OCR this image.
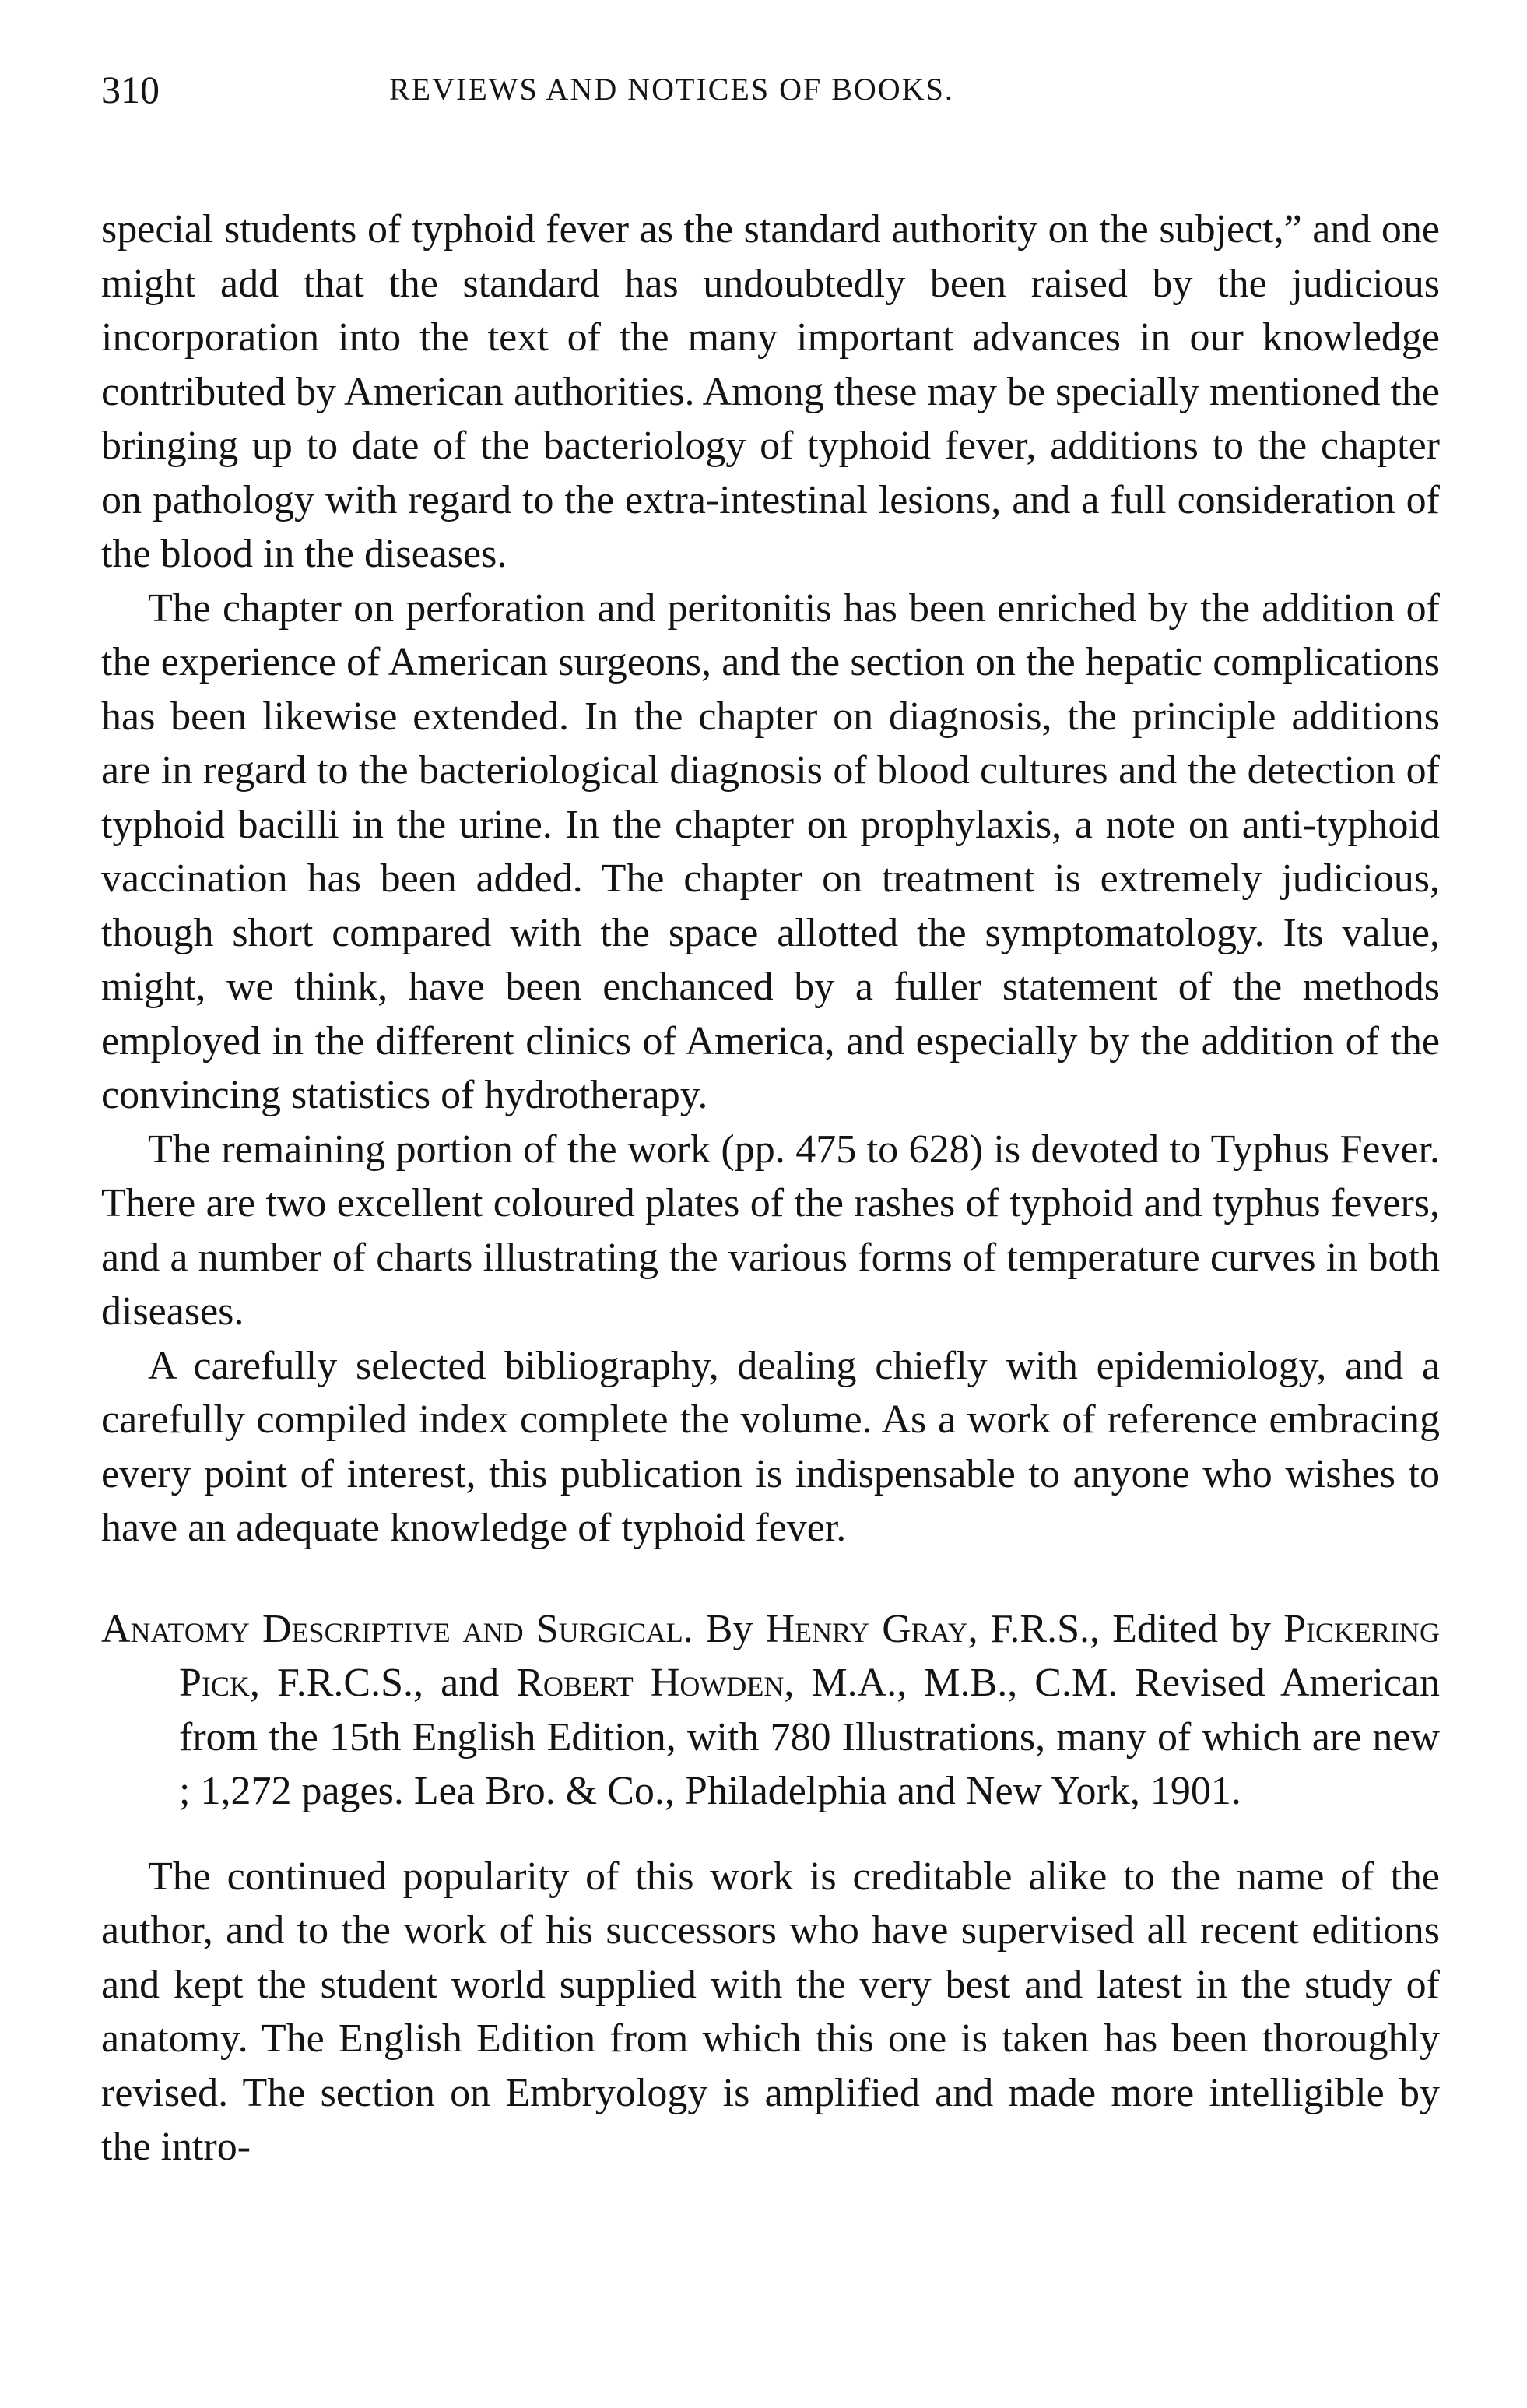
310	REVIEWS AND NOTICES OF BOOKS.

special students of typhoid fever as the standard authority on the subject,” and one might add that the standard has undoubtedly been raised by the judicious incorporation into the text of the many important advances in our knowledge contributed by American authorities. Among these may be specially mentioned the bringing up to date of the bacteriology of typhoid fever, additions to the chapter on pathology with regard to the extra-intestinal lesions, and a full consideration of the blood in the diseases.

The chapter on perforation and peritonitis has been enriched by the addition of the experience of American surgeons, and the section on the hepatic complications has been likewise extended. In the chapter on diagnosis, the principle additions are in regard to the bacteriological diagnosis of blood cultures and the detection of typhoid bacilli in the urine. In the chapter on prophylaxis, a note on anti-typhoid vaccination has been added. The chapter on treatment is extremely judicious, though short compared with the space allotted the symptomatology. Its value, might, we think, have been enchanced by a fuller statement of the methods employed in the different clinics of America, and especially by the addition of the convincing statistics of hydrotherapy.

The remaining portion of the work (pp. 475 to 628) is devoted to Typhus Fever. There are two excellent coloured plates of the rashes of typhoid and typhus fevers, and a number of charts illustrating the various forms of temperature curves in both diseases.

A carefully selected bibliography, dealing chiefly with epidemiology, and a carefully compiled index complete the volume. As a work of reference embracing every point of interest, this publication is indispensable to anyone who wishes to have an adequate knowledge of typhoid fever.

Anatomy Descriptive and Surgical. By Henry Gray, F.R.S., Edited by Pickering Pick, F.R.C.S., and Robert Howden, M.A., M.B., C.M. Revised American from the 15th English Edition, with 780 Illustrations, many of which are new ; 1,272 pages. Lea Bro. & Co., Philadelphia and New York, 1901.

The continued popularity of this work is creditable alike to the name of the author, and to the work of his successors who have supervised all recent editions and kept the student world supplied with the very best and latest in the study of anatomy. The English Edition from which this one is taken has been thoroughly revised. The section on Embryology is amplified and made more intelligible by the intro-
